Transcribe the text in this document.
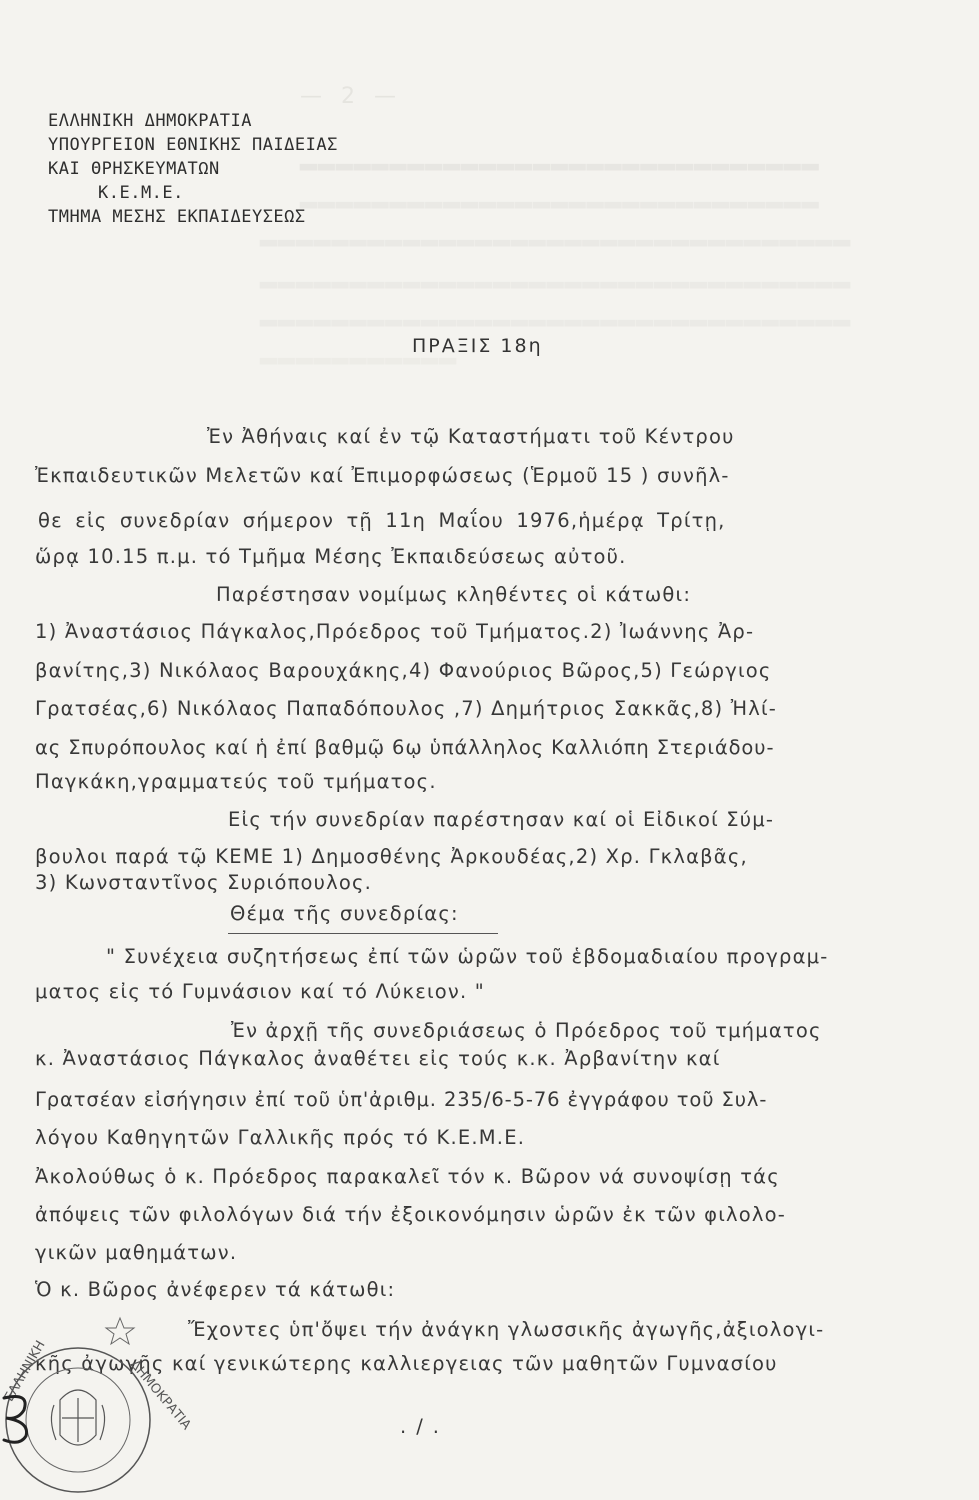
— 2 —
▂▂▂▂▂▂▂▂▂▂▂▂▂▂▂▂▂▂▂▂▂▂▂▂▂▂▂▂▂
▂▂▂▂▂▂▂▂▂▂▂▂▂▂▂▂▂▂▂▂▂▂▂▂▂▂▂▂▂
▂▂▂▂▂▂▂▂▂▂▂▂▂▂▂▂▂▂▂▂▂▂▂▂▂▂▂▂▂▂▂▂▂
▂▂▂▂▂▂▂▂▂▂▂▂▂▂▂▂▂▂▂▂▂▂▂▂▂▂▂▂▂▂▂▂▂
▂▂▂▂▂▂▂▂▂▂▂▂▂▂▂▂▂▂▂▂▂▂▂▂▂▂▂▂▂▂▂▂▂
▂▂▂▂▂▂▂▂▂▂▂
ΕΛΛΗΝΙΚΗ ΔΗΜΟΚΡΑΤΙΑ
ΥΠΟΥΡΓΕΙΟΝ ΕΘΝΙΚΗΣ ΠΑΙΔΕΙΑΣ
ΚΑΙ ΘΡΗΣΚΕΥΜΑΤΩΝ
Κ.Ε.Μ.Ε.
ΤΜΗΜΑ ΜΕΣΗΣ ΕΚΠΑΙΔΕΥΣΕΩΣ
ΠΡΑΞΙΣ 18η
Ἐν Ἀθήναις καί ἐν τῷ Καταστήματι τοῦ Κέντρου
Ἐκπαιδευτικῶν Μελετῶν καί Ἐπιμορφώσεως (Ἑρμοῦ 15 ) συνῆλ-
θε εἰς συνεδρίαν σήμερον τῇ 11η Μαΐου 1976,ἡμέρᾳ Τρίτῃ,
ὥρᾳ 10.15 π.μ. τό Τμῆμα Μέσης Ἐκπαιδεύσεως αὐτοῦ.
Παρέστησαν νομίμως κληθέντες οἱ κάτωθι:
1) Ἀναστάσιος Πάγκαλος,Πρόεδρος τοῦ Τμήματος.2) Ἰωάννης Ἀρ-
βανίτης,3) Νικόλαος Βαρουχάκης,4) Φανούριος Βῶρος,5) Γεώργιος
Γρατσέας,6) Νικόλαος Παπαδόπουλος ,7) Δημήτριος Σακκᾶς,8) Ἠλί-
ας Σπυρόπουλος καί ἡ ἐπί βαθμῷ 6ῳ ὑπάλληλος Καλλιόπη Στεριάδου-
Παγκάκη,γραμματεύς τοῦ τμήματος.
Εἰς τήν συνεδρίαν παρέστησαν καί οἱ Εἰδικοί Σύμ-
βουλοι παρά τῷ ΚΕΜΕ 1) Δημοσθένης Ἀρκουδέας,2) Χρ. Γκλαβᾶς,
3) Κωνσταντῖνος Συριόπουλος.
Θέμα τῆς συνεδρίας:
" Συνέχεια συζητήσεως ἐπί τῶν ὡρῶν τοῦ ἑβδομαδιαίου προγραμ-
ματος εἰς τό Γυμνάσιον καί τό Λύκειον. "
Ἐν ἀρχῇ τῆς συνεδριάσεως ὁ Πρόεδρος τοῦ τμήματος
κ. Ἀναστάσιος Πάγκαλος ἀναθέτει εἰς τούς κ.κ. Ἀρβανίτην καί
Γρατσέαν εἰσήγησιν ἐπί τοῦ ὑπ'ἀριθμ. 235/6-5-76 ἐγγράφου τοῦ Συλ-
λόγου Καθηγητῶν Γαλλικῆς πρός τό Κ.Ε.Μ.Ε.
Ἀκολούθως ὁ κ. Πρόεδρος παρακαλεῖ τόν κ. Βῶρον νά συνοψίσῃ τάς
ἀπόψεις τῶν φιλολόγων διά τήν ἐξοικονόμησιν ὡρῶν ἐκ τῶν φιλολο-
γικῶν μαθημάτων.
Ὁ κ. Βῶρος ἀνέφερεν τά κάτωθι:
Ἔχοντες ὑπ'ὄψει τήν ἀνάγκη γλωσσικῆς ἀγωγῆς,ἀξιολογι-
κῆς ἀγωγῆς καί γενικώτερης καλλιεργειας τῶν μαθητῶν Γυμνασίου
./.
ΕΛΛΗΝΙΚΗ	ΔΗΜΟΚΡΑΤΙΑ
